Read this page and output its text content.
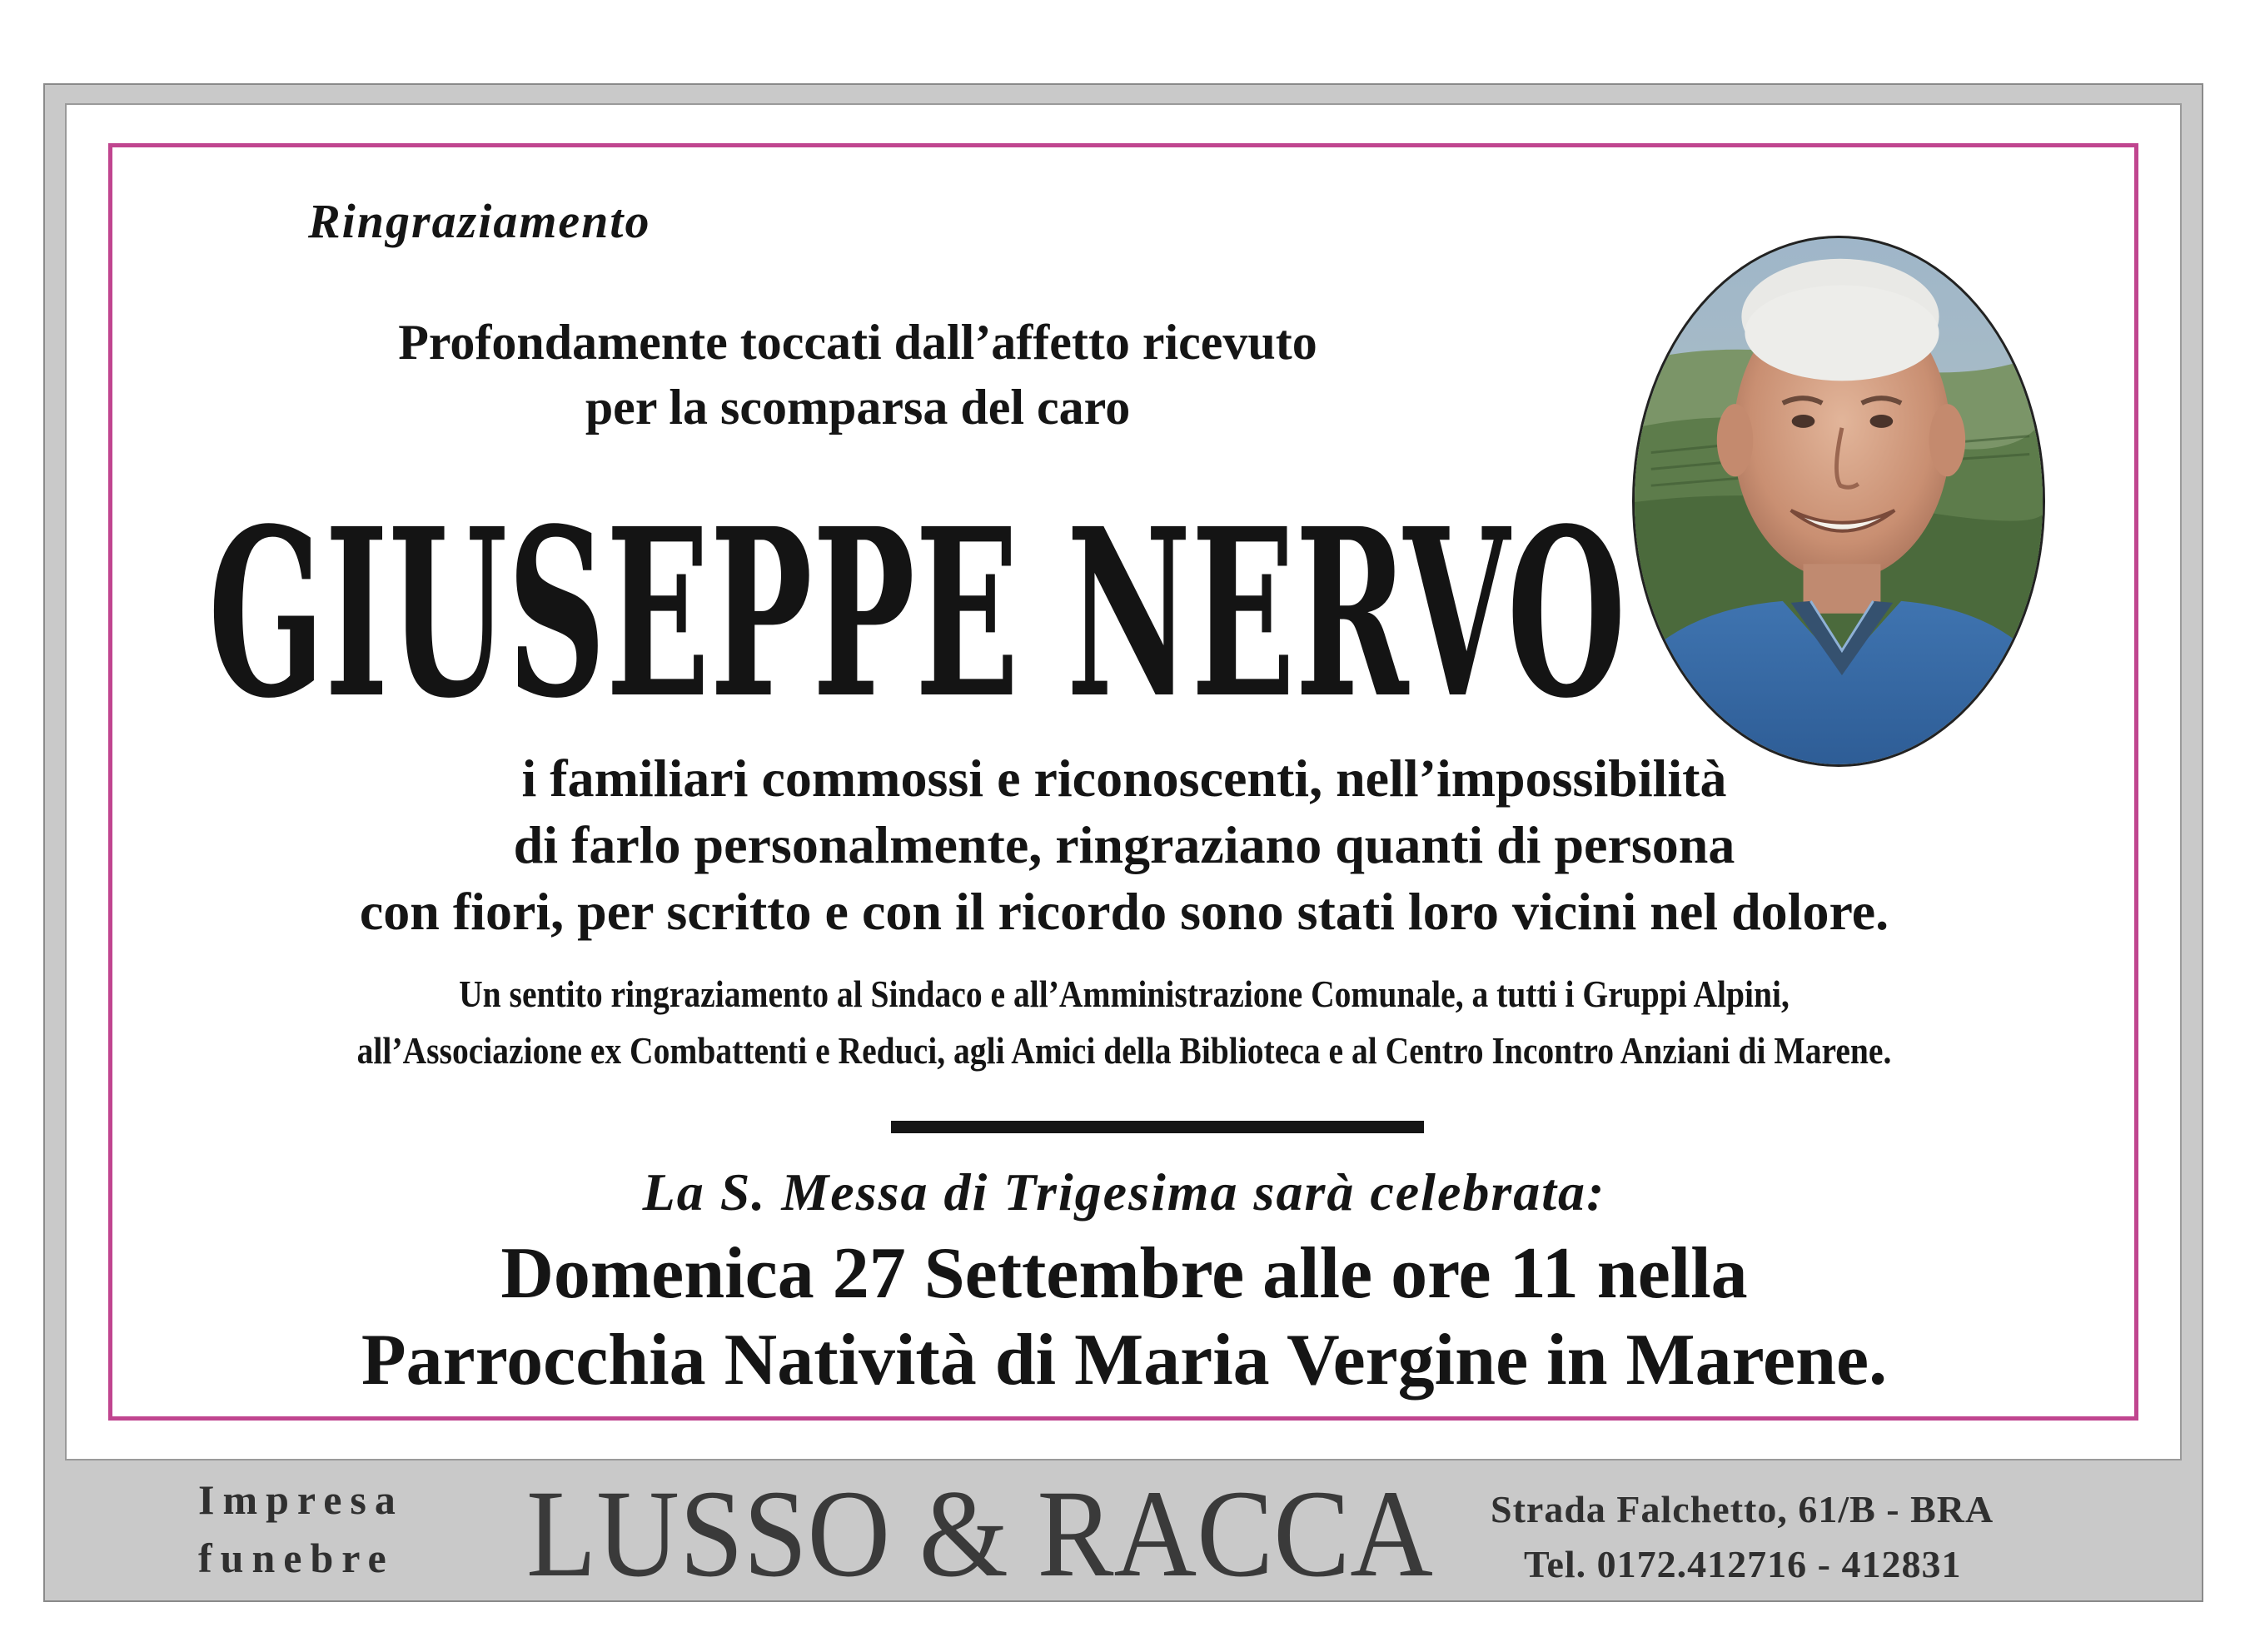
Ringraziamento
Profondamente toccati dall’affetto ricevuto
per la scomparsa del caro
GIUSEPPE NERVO
i familiari commossi e riconoscenti, nell’impossibilità
di farlo personalmente, ringraziano quanti di persona
con fiori, per scritto e con il ricordo sono stati loro vicini nel dolore.
Un sentito ringraziamento al Sindaco e all’Amministrazione Comunale, a tutti i Gruppi Alpini,
all’Associazione ex Combattenti e Reduci, agli Amici della Biblioteca e al Centro Incontro Anziani di Marene.
La S. Messa di Trigesima sarà celebrata:
Domenica 27 Settembre alle ore 11 nella
Parrocchia Natività di Maria Vergine in Marene.
Impresa
funebre LUSSO & RACCA Strada Falchetto, 61/B - BRA
Tel. 0172.412716 - 412831
